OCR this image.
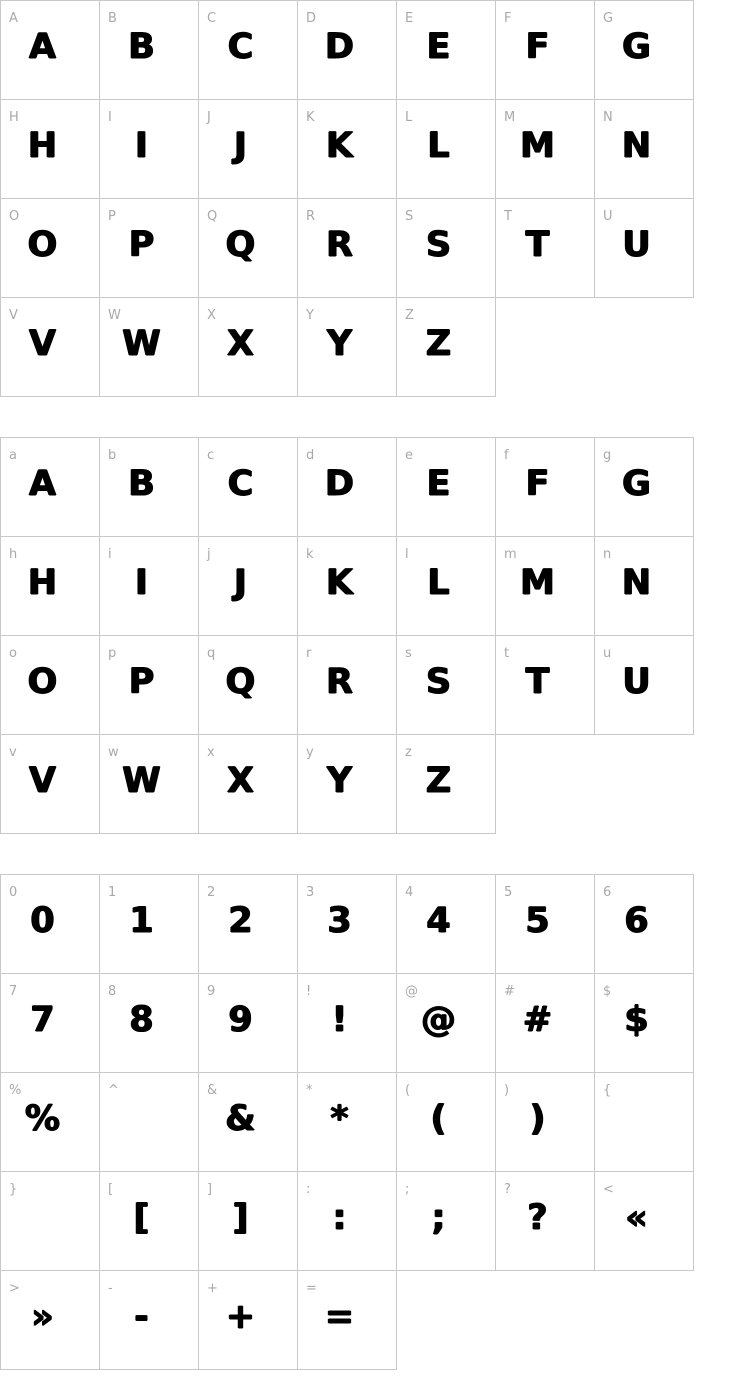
A
A
B
B
C
C
D
D
E
E
F
F
G
G
H
H
I
I
J
J
K
K
L
L
M
M
N
N
O
O
P
P
Q
Q
R
R
S
S
T
T
U
U
V
V
W
W
X
X
Y
Y
Z
Z
a
A
b
B
c
C
d
D
e
E
f
F
g
G
h
H
i
I
j
J
k
K
l
L
m
M
n
N
o
O
p
P
q
Q
r
R
s
S
t
T
u
U
v
V
w
W
x
X
y
Y
z
Z
0
0
1
1
2
2
3
3
4
4
5
5
6
6
7
7
8
8
9
9
!
!
@
@
#
#
$
$
%
%
^	&
&
*
*
(
(
)
)
{
}	[
[
]
]
:
:
;
;
?
?
<
«
>
»
-
-
+
+
=
=
